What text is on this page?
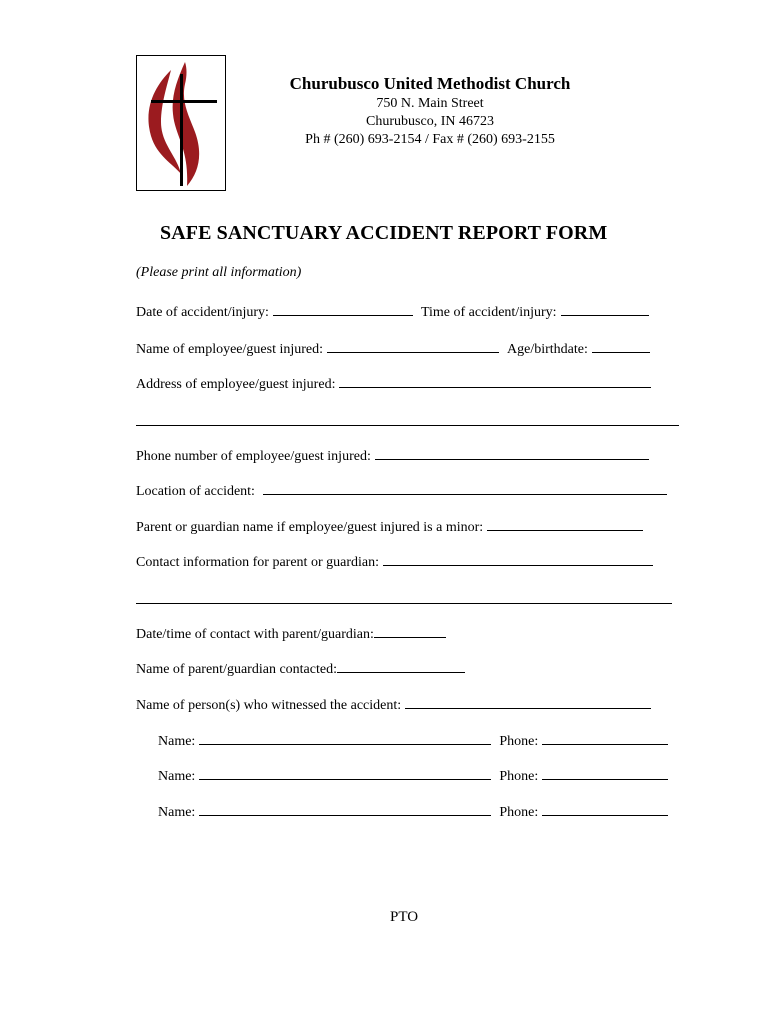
Churubusco United Methodist Church
750 N. Main Street
Churubusco, IN 46723
Ph # (260) 693-2154 / Fax # (260) 693-2155
SAFE SANCTUARY ACCIDENT REPORT FORM
(Please print all information)
Date of accident/injury:	Time of accident/injury:
Name of employee/guest injured:	Age/birthdate:
Address of employee/guest injured:
Phone number of employee/guest injured:
Location of accident:
Parent or guardian name if employee/guest injured is a minor:
Contact information for parent or guardian:
Date/time of contact with parent/guardian:
Name of parent/guardian contacted:
Name of person(s) who witnessed the accident:
Name:	Phone:
Name:	Phone:
Name:	Phone:
PTO
